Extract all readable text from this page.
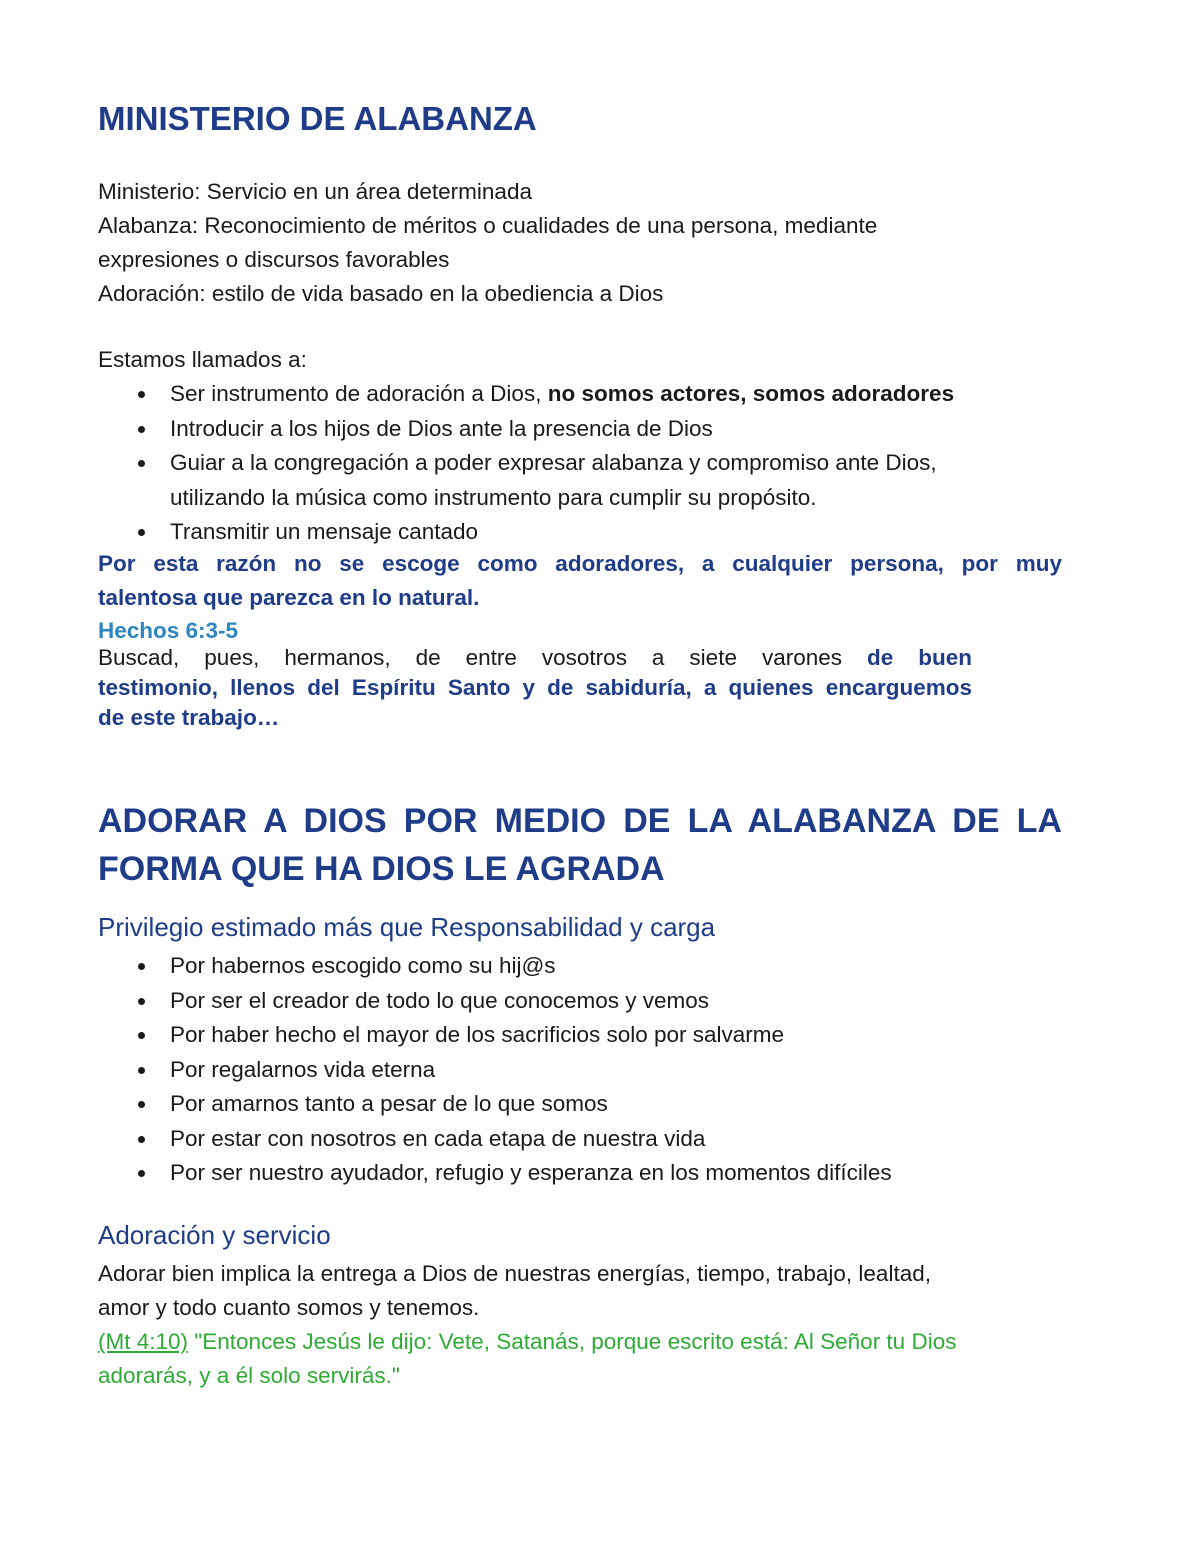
MINISTERIO DE ALABANZA
Ministerio: Servicio en un área determinada
Alabanza: Reconocimiento de méritos o cualidades de una persona, mediante
expresiones o discursos favorables
Adoración: estilo de vida basado en la obediencia a Dios
Estamos llamados a:
Ser instrumento de adoración a Dios, no somos actores, somos adoradores
Introducir a los hijos de Dios ante la presencia de Dios
Guiar a la congregación a poder expresar alabanza y compromiso ante Dios,
utilizando la música como instrumento para cumplir su propósito.
Transmitir un mensaje cantado
Por esta razón no se escoge como adoradores, a cualquier persona, por muy
talentosa que parezca en lo natural.
Hechos 6:3-5
Buscad, pues, hermanos, de entre vosotros a siete varones de buen
testimonio, llenos del Espíritu Santo y de sabiduría, a quienes encarguemos
de este trabajo…
ADORAR A DIOS POR MEDIO DE LA ALABANZA DE LA
FORMA QUE HA DIOS LE AGRADA
Privilegio estimado más que Responsabilidad y carga
Por habernos escogido como su hij@s
Por ser el creador de todo lo que conocemos y vemos
Por haber hecho el mayor de los sacrificios solo por salvarme
Por regalarnos vida eterna
Por amarnos tanto a pesar de lo que somos
Por estar con nosotros en cada etapa de nuestra vida
Por ser nuestro ayudador, refugio y esperanza en los momentos difíciles
Adoración y servicio
Adorar bien implica la entrega a Dios de nuestras energías, tiempo, trabajo, lealtad,
amor y todo cuanto somos y tenemos.
(Mt 4:10) "Entonces Jesús le dijo: Vete, Satanás, porque escrito está: Al Señor tu Dios
adorarás, y a él solo servirás."
